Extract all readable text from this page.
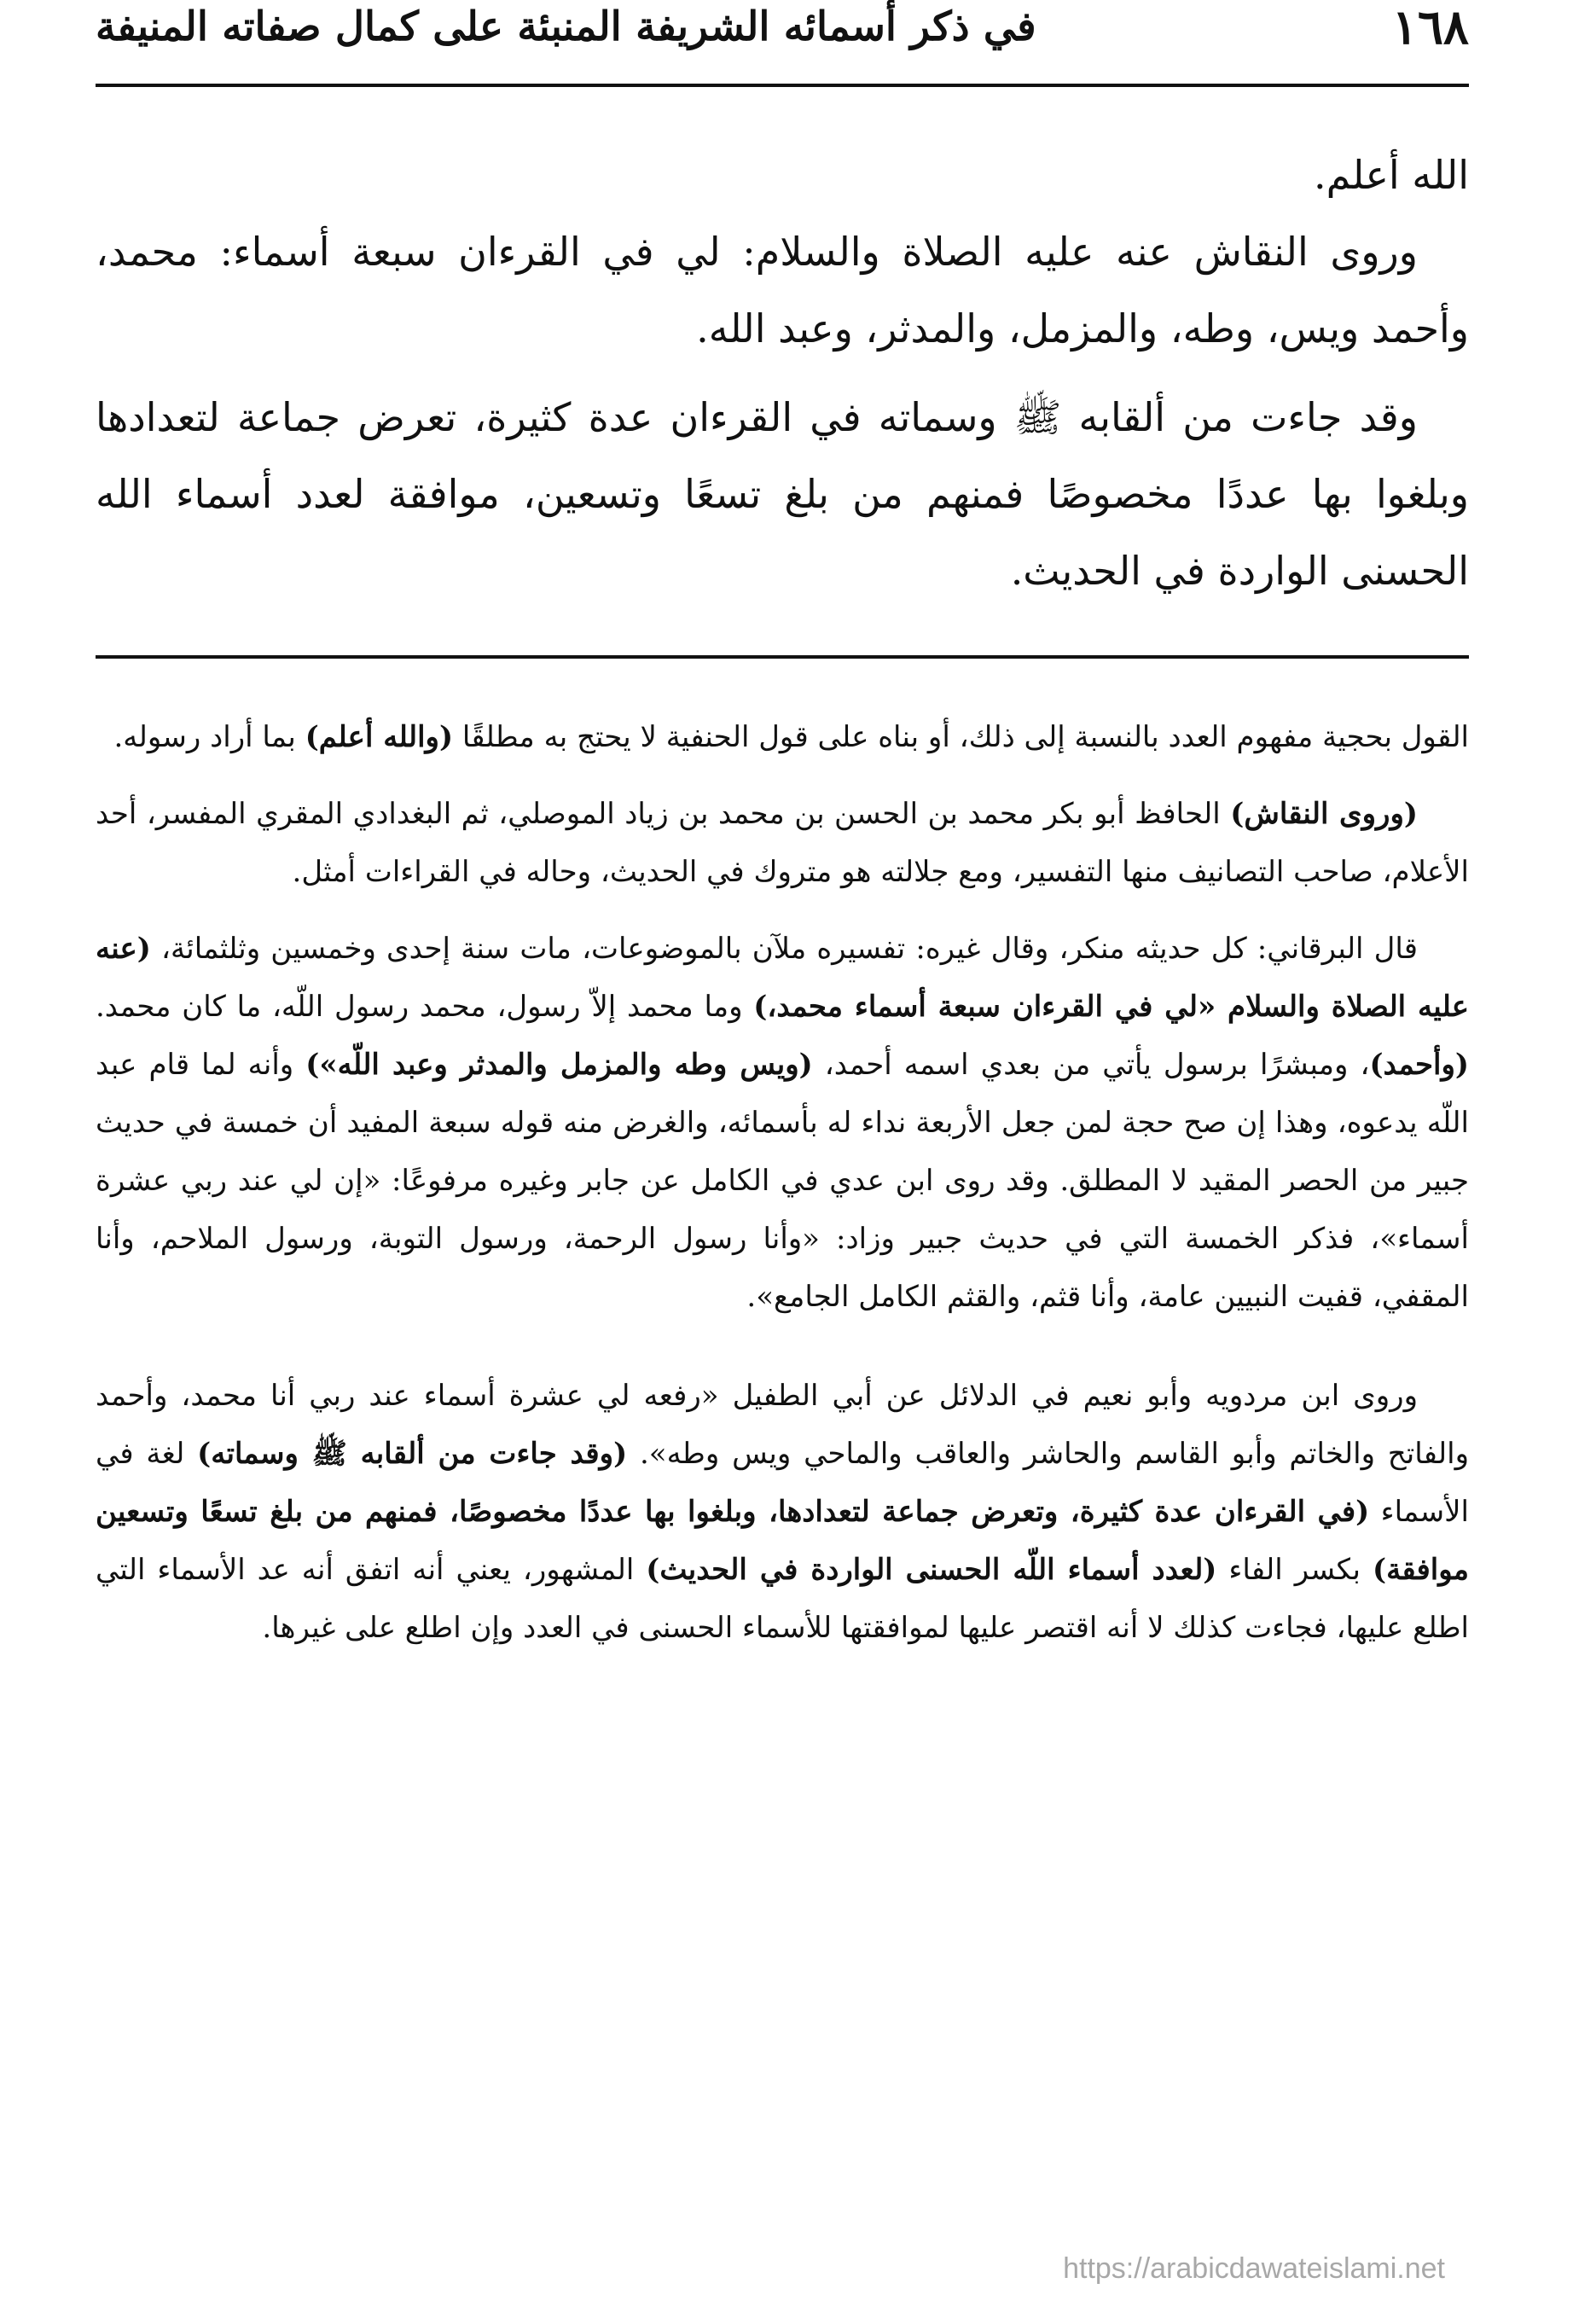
١٦٨
في ذكر أسمائه الشريفة المنبئة على كمال صفاته المنيفة

الله أعلم.

وروى النقاش عنه عليه الصلاة والسلام: لي في القرءان سبعة أسماء: محمد، وأحمد ويس، وطه، والمزمل، والمدثر، وعبد الله.

وقد جاءت من ألقابه ﷺ وسماته في القرءان عدة كثيرة، تعرض جماعة لتعدادها وبلغوا بها عددًا مخصوصًا فمنهم من بلغ تسعًا وتسعين، موافقة لعدد أسماء الله الحسنى الواردة في الحديث.

القول بحجية مفهوم العدد بالنسبة إلى ذلك، أو بناه على قول الحنفية لا يحتج به مطلقًا (والله أعلم) بما أراد رسوله.

(وروى النقاش) الحافظ أبو بكر محمد بن الحسن بن محمد بن زياد الموصلي، ثم البغدادي المقري المفسر، أحد الأعلام، صاحب التصانيف منها التفسير، ومع جلالته هو متروك في الحديث، وحاله في القراءات أمثل.

قال البرقاني: كل حديثه منكر، وقال غيره: تفسيره ملآن بالموضوعات، مات سنة إحدى وخمسين وثلثمائة، (عنه عليه الصلاة والسلام «لي في القرءان سبعة أسماء محمد،) وما محمد إلاّ رسول، محمد رسول اللّه، ما كان محمد. (وأحمد)، ومبشرًا برسول يأتي من بعدي اسمه أحمد، (ويس وطه والمزمل والمدثر وعبد اللّه») وأنه لما قام عبد اللّه يدعوه، وهذا إن صح حجة لمن جعل الأربعة نداء له بأسمائه، والغرض منه قوله سبعة المفيد أن خمسة في حديث جبير من الحصر المقيد لا المطلق. وقد روى ابن عدي في الكامل عن جابر وغيره مرفوعًا: «إن لي عند ربي عشرة أسماء»، فذكر الخمسة التي في حديث جبير وزاد: «وأنا رسول الرحمة، ورسول التوبة، ورسول الملاحم، وأنا المقفي، قفيت النبيين عامة، وأنا قثم، والقثم الكامل الجامع».

وروى ابن مردويه وأبو نعيم في الدلائل عن أبي الطفيل «رفعه لي عشرة أسماء عند ربي أنا محمد، وأحمد والفاتح والخاتم وأبو القاسم والحاشر والعاقب والماحي ويس وطه». (وقد جاءت من ألقابه ﷺ وسماته) لغة في الأسماء (في القرءان عدة كثيرة، وتعرض جماعة لتعدادها، وبلغوا بها عددًا مخصوصًا، فمنهم من بلغ تسعًا وتسعين موافقة) بكسر الفاء (لعدد أسماء اللّه الحسنى الواردة في الحديث) المشهور، يعني أنه اتفق أنه عد الأسماء التي اطلع عليها، فجاءت كذلك لا أنه اقتصر عليها لموافقتها للأسماء الحسنى في العدد وإن اطلع على غيرها.

https://arabicdawateislami.net
